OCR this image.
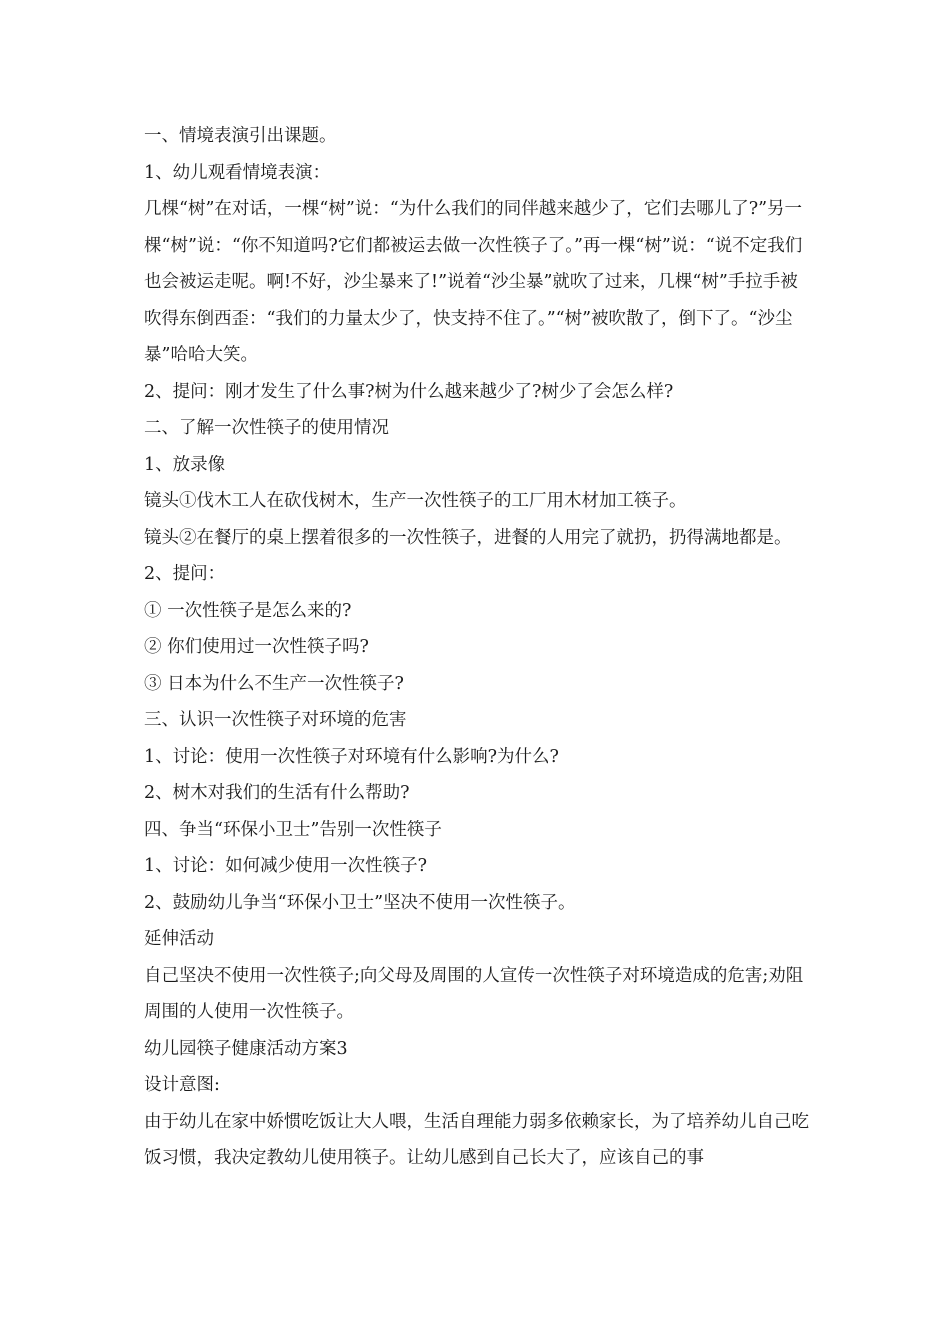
一、情境表演引出课题。

1、幼儿观看情境表演：

几棵“树”在对话，一棵“树”说：“为什么我们的同伴越来越少了，它们去哪儿了?”另一棵“树”说：“你不知道吗?它们都被运去做一次性筷子了。”再一棵“树”说：“说不定我们也会被运走呢。啊!不好，沙尘暴来了!”说着“沙尘暴”就吹了过来，几棵“树”手拉手被吹得东倒西歪：“我们的力量太少了，快支持不住了。”“树”被吹散了，倒下了。“沙尘暴”哈哈大笑。

2、提问：刚才发生了什么事?树为什么越来越少了?树少了会怎么样?

二、了解一次性筷子的使用情况

1、放录像

镜头①伐木工人在砍伐树木，生产一次性筷子的工厂用木材加工筷子。

镜头②在餐厅的桌上摆着很多的一次性筷子，进餐的人用完了就扔，扔得满地都是。

2、提问：

① 一次性筷子是怎么来的?

② 你们使用过一次性筷子吗?

③ 日本为什么不生产一次性筷子?

三、认识一次性筷子对环境的危害

1、讨论：使用一次性筷子对环境有什么影响?为什么?

2、树木对我们的生活有什么帮助?

四、争当“环保小卫士”告别一次性筷子

1、讨论：如何减少使用一次性筷子?

2、鼓励幼儿争当“环保小卫士”坚决不使用一次性筷子。

延伸活动

自己坚决不使用一次性筷子;向父母及周围的人宣传一次性筷子对环境造成的危害;劝阻周围的人使用一次性筷子。

幼儿园筷子健康活动方案3

设计意图:

由于幼儿在家中娇惯吃饭让大人喂，生活自理能力弱多依赖家长，为了培养幼儿自己吃饭习惯，我决定教幼儿使用筷子。让幼儿感到自己长大了，应该自己的事
